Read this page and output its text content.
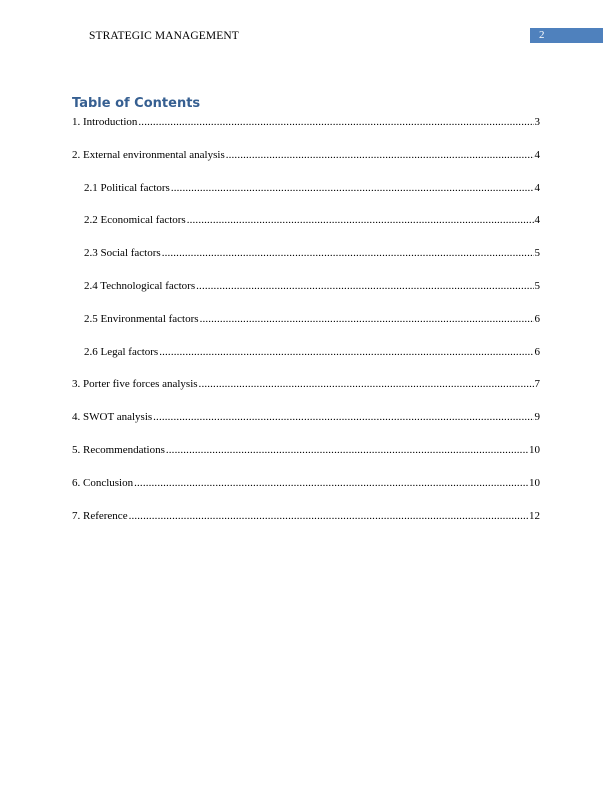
STRATEGIC MANAGEMENT	2
Table of Contents
1. Introduction .....	3
2. External environmental analysis .....	4
2.1 Political factors .....	4
2.2 Economical factors .....	4
2.3 Social factors .....	5
2.4 Technological factors .....	5
2.5 Environmental factors .....	6
2.6 Legal factors .....	6
3. Porter five forces analysis .....	7
4. SWOT analysis .....	9
5. Recommendations .....	10
6. Conclusion .....	10
7. Reference .....	12
